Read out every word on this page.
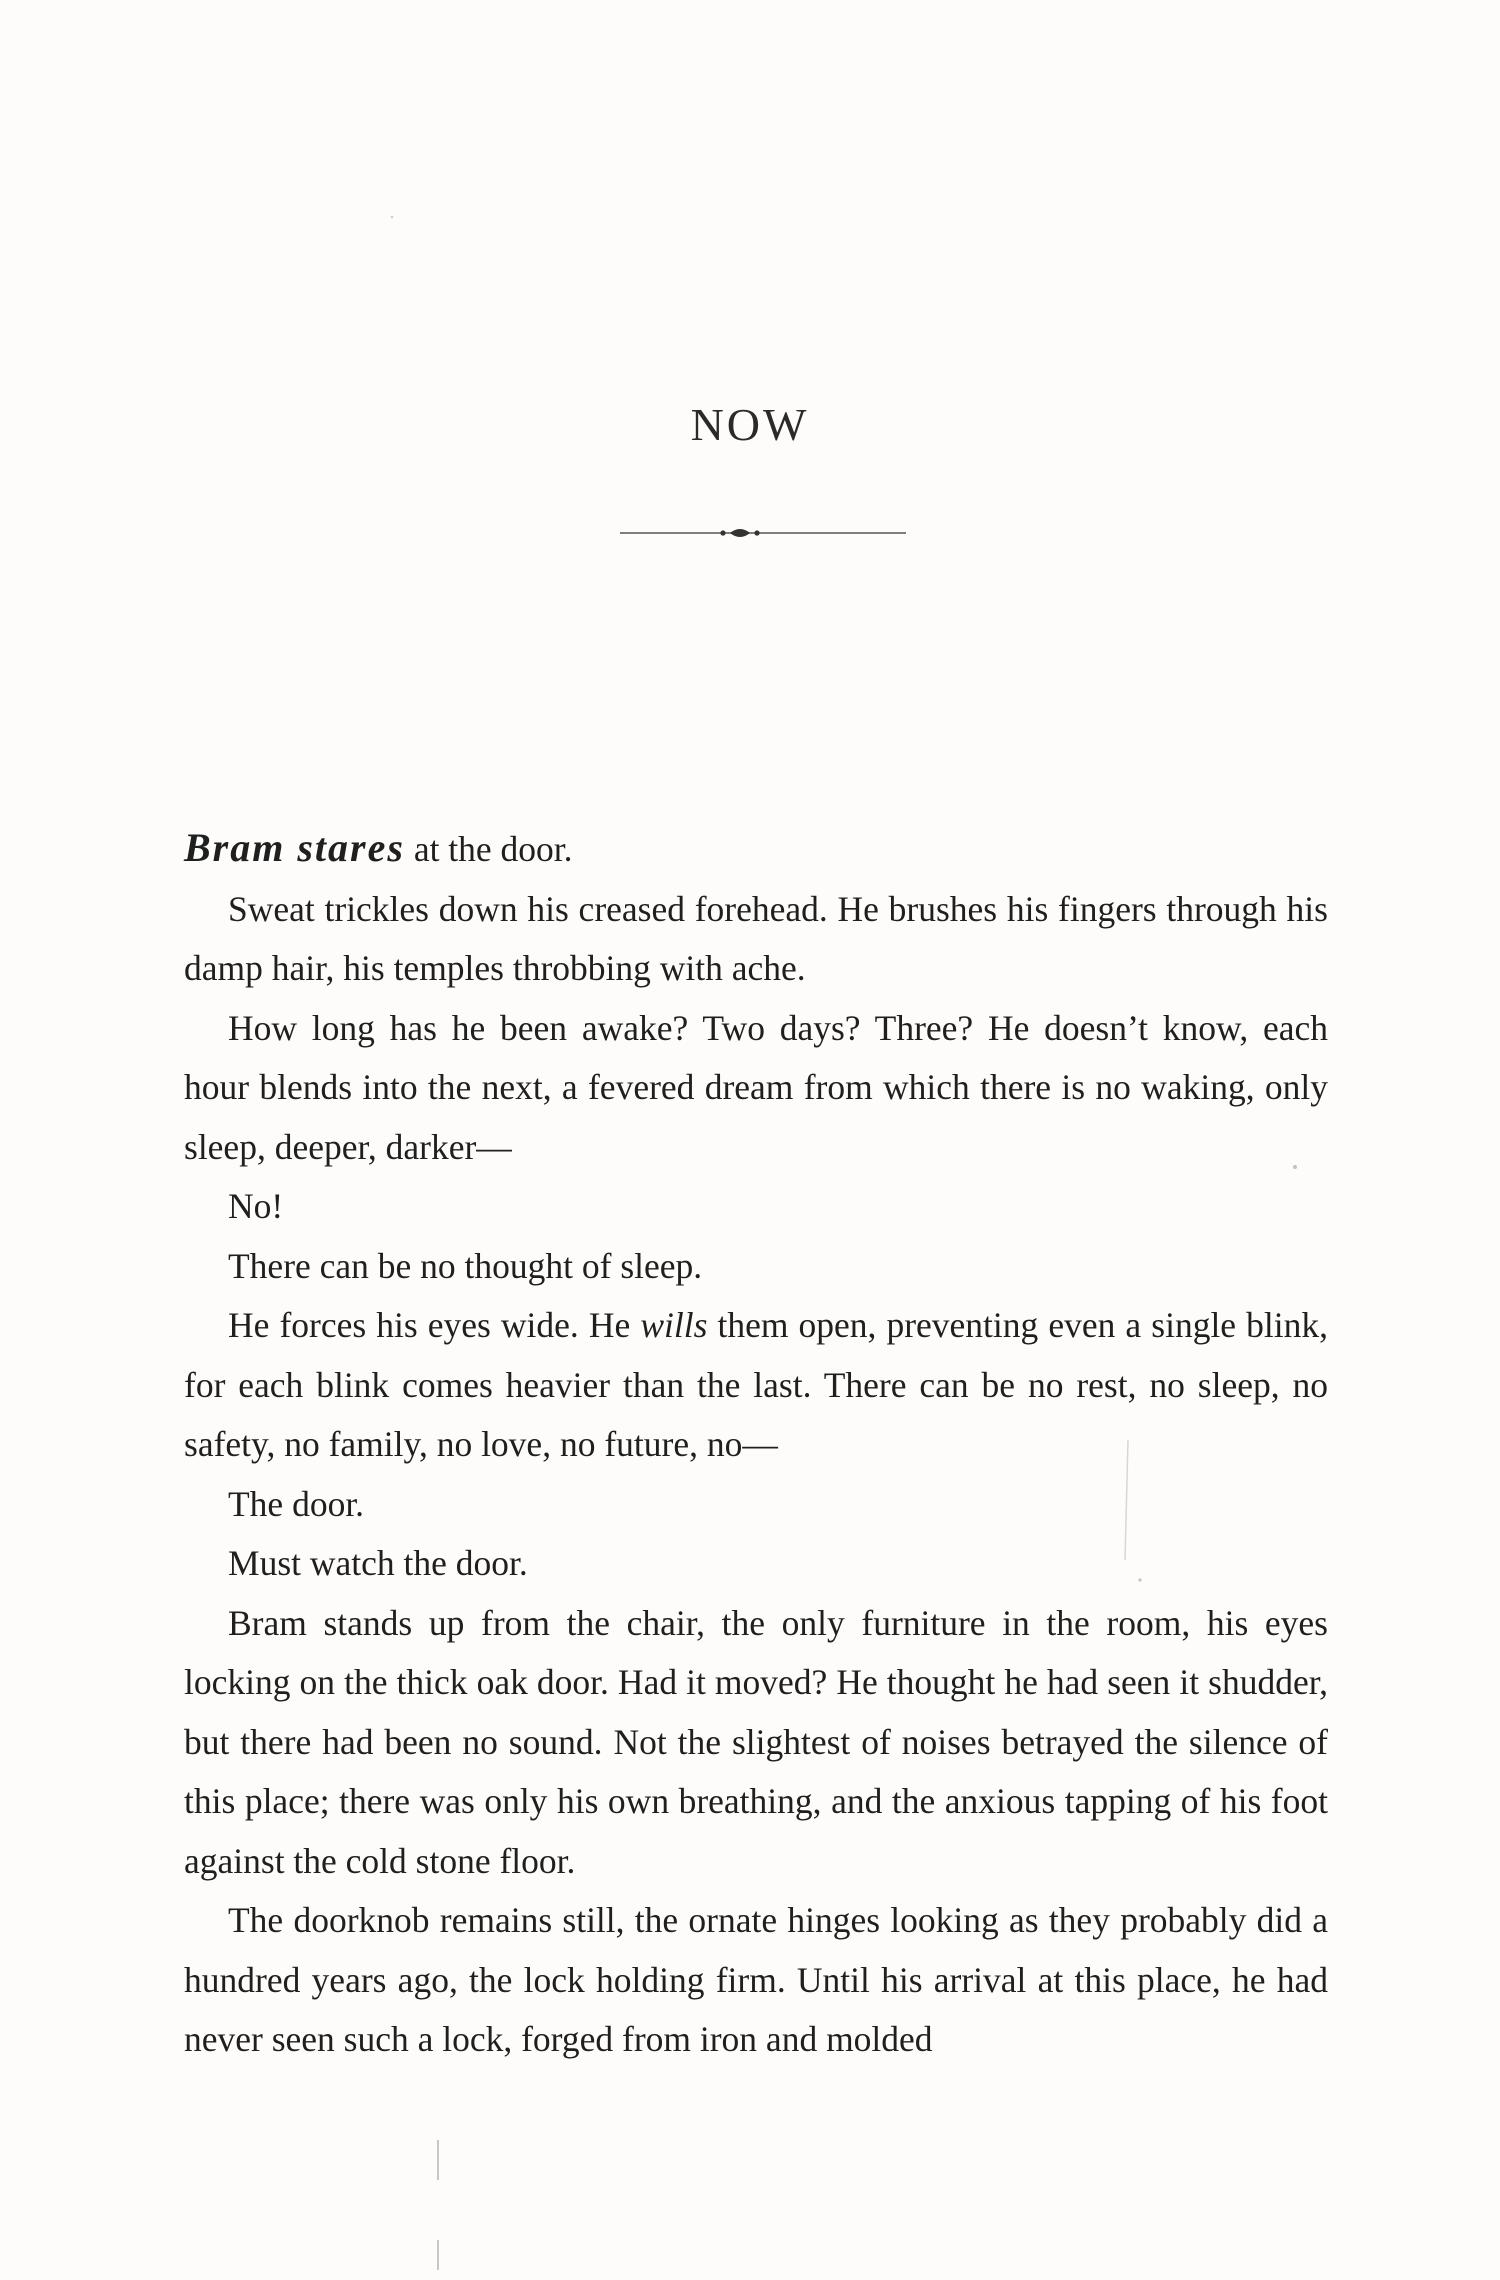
NOW

Bram stares at the door.

Sweat trickles down his creased forehead. He brushes his fingers through his damp hair, his temples throbbing with ache.

How long has he been awake? Two days? Three? He doesn’t know, each hour blends into the next, a fevered dream from which there is no waking, only sleep, deeper, darker—

No!

There can be no thought of sleep.

He forces his eyes wide. He wills them open, preventing even a single blink, for each blink comes heavier than the last. There can be no rest, no sleep, no safety, no family, no love, no future, no—

The door.

Must watch the door.

Bram stands up from the chair, the only furniture in the room, his eyes locking on the thick oak door. Had it moved? He thought he had seen it shudder, but there had been no sound. Not the slightest of noises betrayed the silence of this place; there was only his own breathing, and the anxious tapping of his foot against the cold stone floor.

The doorknob remains still, the ornate hinges looking as they probably did a hundred years ago, the lock holding firm. Until his arrival at this place, he had never seen such a lock, forged from iron and molded
